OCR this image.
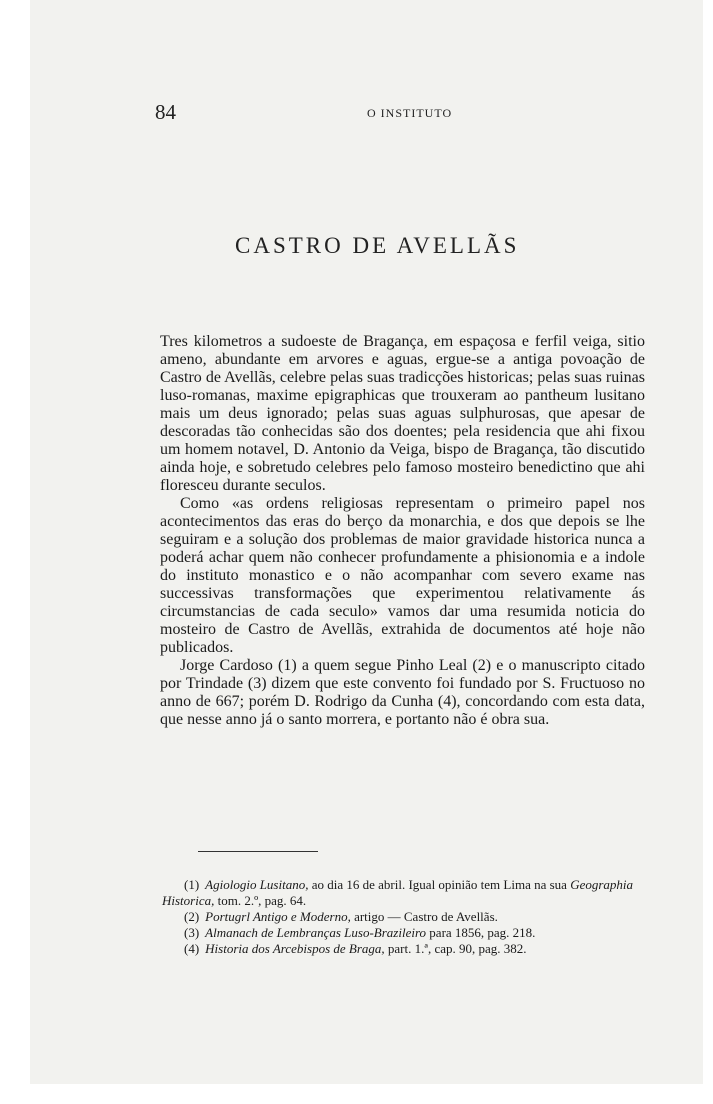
84	O INSTITUTO
CASTRO DE AVELLÃS

Tres kilometros a sudoeste de Bragança, em espaçosa e ferfil veiga, sitio ameno, abundante em arvores e aguas, ergue-se a antiga povoação de Castro de Avellãs, celebre pelas suas tradicções historicas; pelas suas ruinas luso-romanas, maxime epigraphicas que trouxeram ao pantheum lusitano mais um deus ignorado; pelas suas aguas sulphurosas, que apesar de descoradas tão conhecidas são dos doentes; pela residencia que ahi fixou um homem notavel, D. Antonio da Veiga, bispo de Bragança, tão discutido ainda hoje, e sobretudo celebres pelo famoso mosteiro benedictino que ahi floresceu durante seculos.

Como «as ordens religiosas representam o primeiro papel nos acontecimentos das eras do berço da monarchia, e dos que depois se lhe seguiram e a solução dos problemas de maior gravidade historica nunca a poderá achar quem não conhecer profundamente a phisionomia e a indole do instituto monastico e o não acompanhar com severo exame nas successivas transformações que experimentou relativamente ás circumstancias de cada seculo» vamos dar uma resumida noticia do mosteiro de Castro de Avellãs, extrahida de documentos até hoje não publicados.

Jorge Cardoso (1) a quem segue Pinho Leal (2) e o manuscripto citado por Trindade (3) dizem que este convento foi fundado por S. Fructuoso no anno de 667; porém D. Rodrigo da Cunha (4), concordando com esta data, que nesse anno já o santo morrera, e portanto não é obra sua.

(1) Agiologio Lusitano, ao dia 16 de abril. Igual opinião tem Lima na sua Geographia Historica, tom. 2.º, pag. 64.

(2) Portugrl Antigo e Moderno, artigo — Castro de Avellãs.

(3) Almanach de Lembranças Luso-Brazileiro para 1856, pag. 218.

(4) Historia dos Arcebispos de Braga, part. 1.ª, cap. 90, pag. 382.
